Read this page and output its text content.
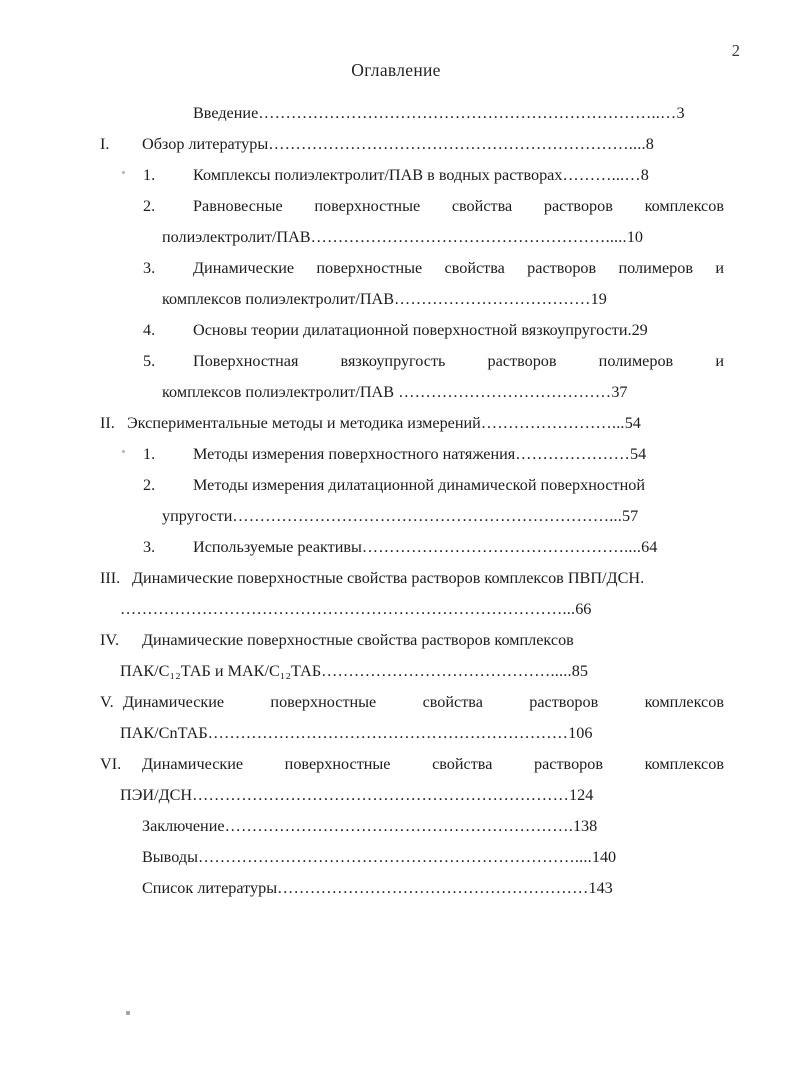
2
Оглавление
Введение………………………………………………………………..…3
I. Обзор литературы…………………………………………………………....8
1. Комплексы полиэлектролит/ПАВ в водных растворах………...…8
2. Равновесные поверхностные свойства растворов комплексов
полиэлектролит/ПАВ……………………………………………….....10
3. Динамические поверхностные свойства растворов полимеров и
комплексов полиэлектролит/ПАВ………………………………19
4. Основы теории дилатационной поверхностной вязкоупругости.29
5. Поверхностная	вязкоупругость	растворов	полимеров	и
комплексов полиэлектролит/ПАВ …………………………………37
II. Экспериментальные методы и методика измерений……………………...54
1. Методы измерения поверхностного натяжения…………………54
2. Методы измерения дилатационной динамической поверхностной
упругости……………………………………………………………...57
3. Используемые реактивы…………………………………………....64
III. Динамические поверхностные свойства растворов комплексов ПВП/ДСН.
………………………………………………………………………...66
IV. Динамические поверхностные свойства растворов комплексов
ПАК/С₁₂ТАБ и МАК/С₁₂ТАБ…………………………………….....85
V. Динамические	поверхностные	свойства	растворов	комплексов
ПАК/СnТАБ…………………………………………………………106
VI. Динамические	поверхностные	свойства	растворов	комплексов
ПЭИ/ДСН……………………………………………………………124
Заключение……………………………………………………….138
Выводы……………………………………………………………....140
Список литературы…………………………………………………143
